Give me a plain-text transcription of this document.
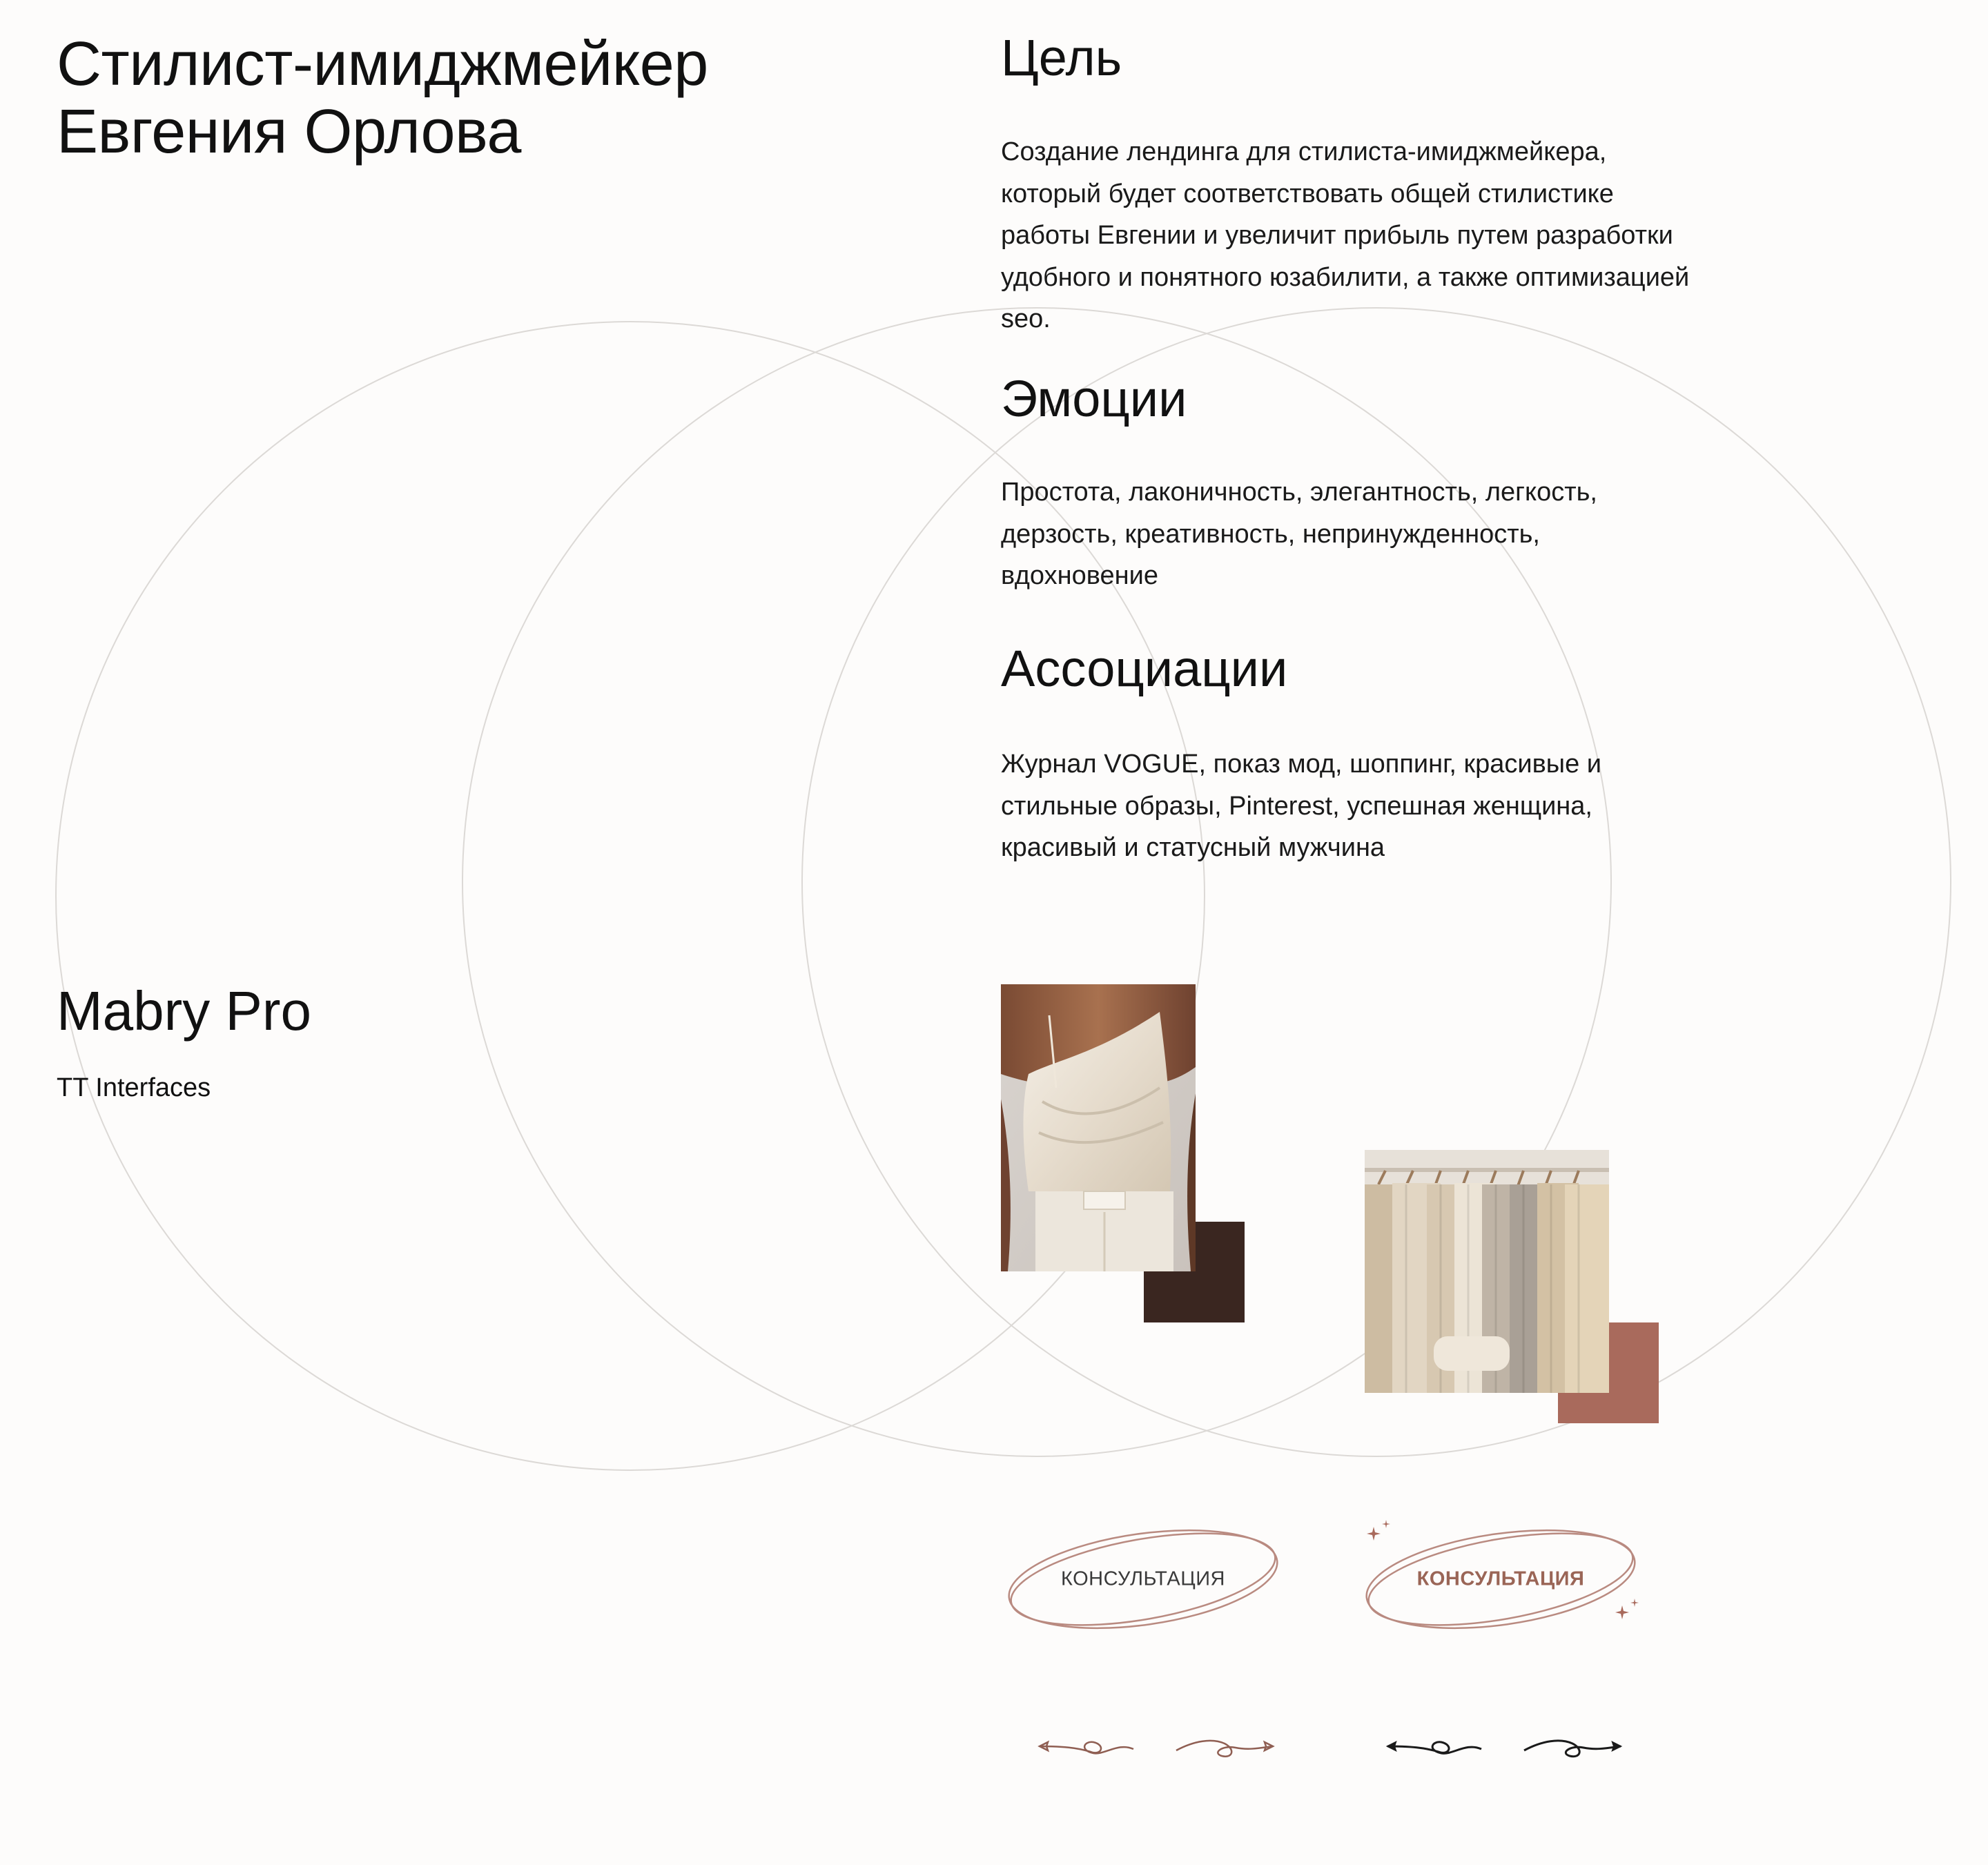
Стилист-имиджмейкер
Евгения Орлова
Цель

Создание лендинга для стилиста-имиджмейкера, который будет соответствовать общей стилистике работы Евгении и увеличит прибыль путем разработки удобного и понятного юзабилити, а также оптимизацией seo.

Эмоции

Простота, лаконичность, элегантность, легкость, дерзость, креативность, непринужденность, вдохновение

Ассоциации

Журнал VOGUE, показ мод, шоппинг, красивые и стильные образы, Pinterest, успешная женщина, красивый и статусный мужчина

Mabry Pro

TT Interfaces

КОНСУЛЬТАЦИЯ	КОНСУЛЬТАЦИЯ
